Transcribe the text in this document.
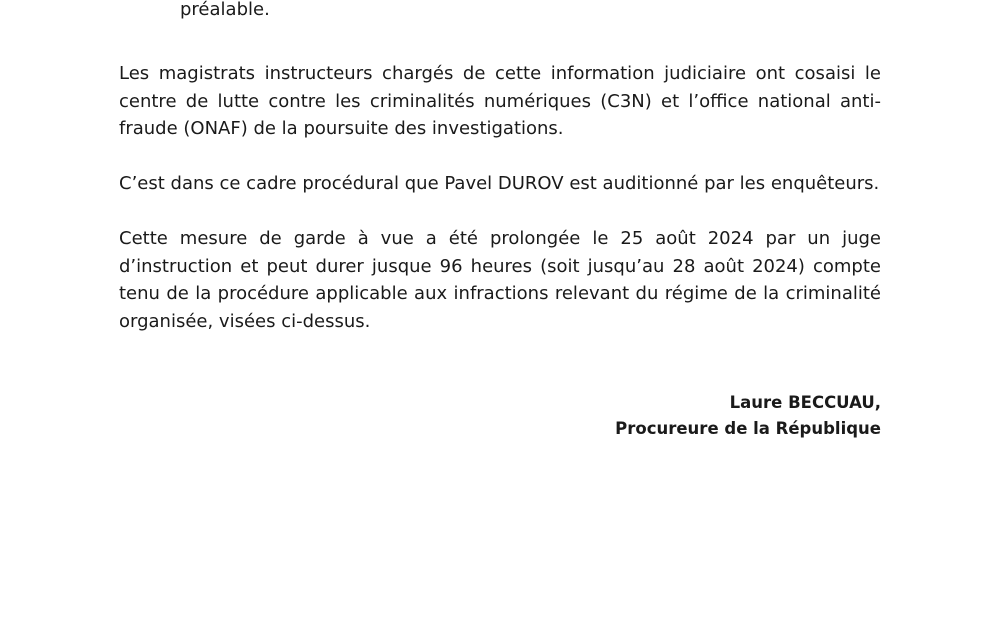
préalable.

Les magistrats instructeurs chargés de cette information judiciaire ont cosaisi le centre de lutte contre les criminalités numériques (C3N) et l’office national anti-fraude (ONAF) de la poursuite des investigations.

C’est dans ce cadre procédural que Pavel DUROV est auditionné par les enquêteurs.

Cette mesure de garde à vue a été prolongée le 25 août 2024 par un juge d’instruction et peut durer jusque 96 heures (soit jusqu’au 28 août 2024) compte tenu de la procédure applicable aux infractions relevant du régime de la criminalité organisée, visées ci-dessus.

Laure BECCUAU,
Procureure de la République
